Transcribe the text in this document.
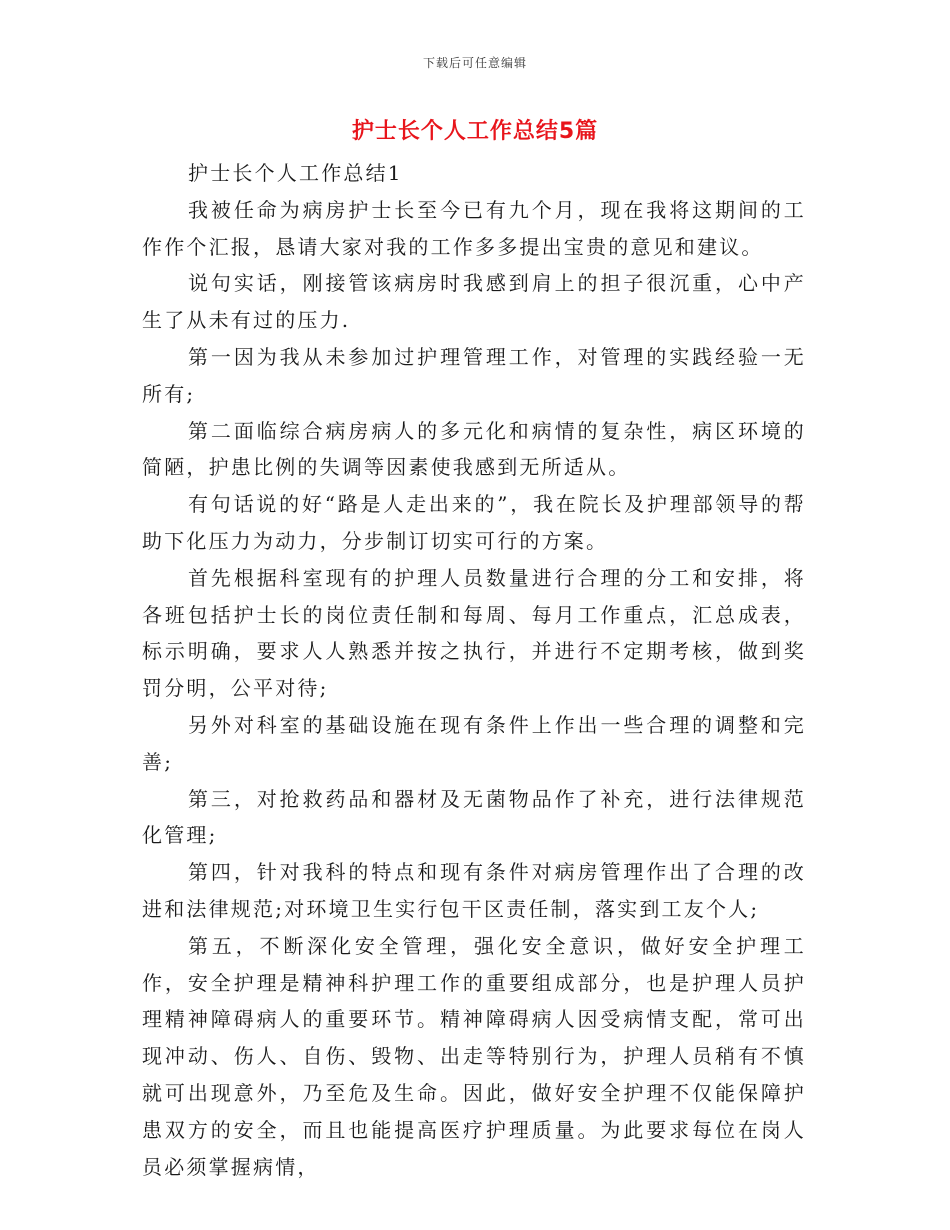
下载后可任意编辑
护士长个人工作总结5篇

护士长个人工作总结1

我被任命为病房护士长至今已有九个月，现在我将这期间的工作作个汇报，恳请大家对我的工作多多提出宝贵的意见和建议。

说句实话，刚接管该病房时我感到肩上的担子很沉重，心中产生了从未有过的压力.

第一因为我从未参加过护理管理工作，对管理的实践经验一无所有;

第二面临综合病房病人的多元化和病情的复杂性，病区环境的简陋，护患比例的失调等因素使我感到无所适从。

有句话说的好“路是人走出来的”，我在院长及护理部领导的帮助下化压力为动力，分步制订切实可行的方案。

首先根据科室现有的护理人员数量进行合理的分工和安排，将各班包括护士长的岗位责任制和每周、每月工作重点，汇总成表，标示明确，要求人人熟悉并按之执行，并进行不定期考核，做到奖罚分明，公平对待;

另外对科室的基础设施在现有条件上作出一些合理的调整和完善;

第三，对抢救药品和器材及无菌物品作了补充，进行法律规范化管理;

第四，针对我科的特点和现有条件对病房管理作出了合理的改进和法律规范;对环境卫生实行包干区责任制，落实到工友个人;

第五，不断深化安全管理，强化安全意识，做好安全护理工作，安全护理是精神科护理工作的重要组成部分，也是护理人员护理精神障碍病人的重要环节。精神障碍病人因受病情支配，常可出现冲动、伤人、自伤、毁物、出走等特别行为，护理人员稍有不慎就可出现意外，乃至危及生命。因此，做好安全护理不仅能保障护患双方的安全，而且也能提高医疗护理质量。为此要求每位在岗人员必须掌握病情，
